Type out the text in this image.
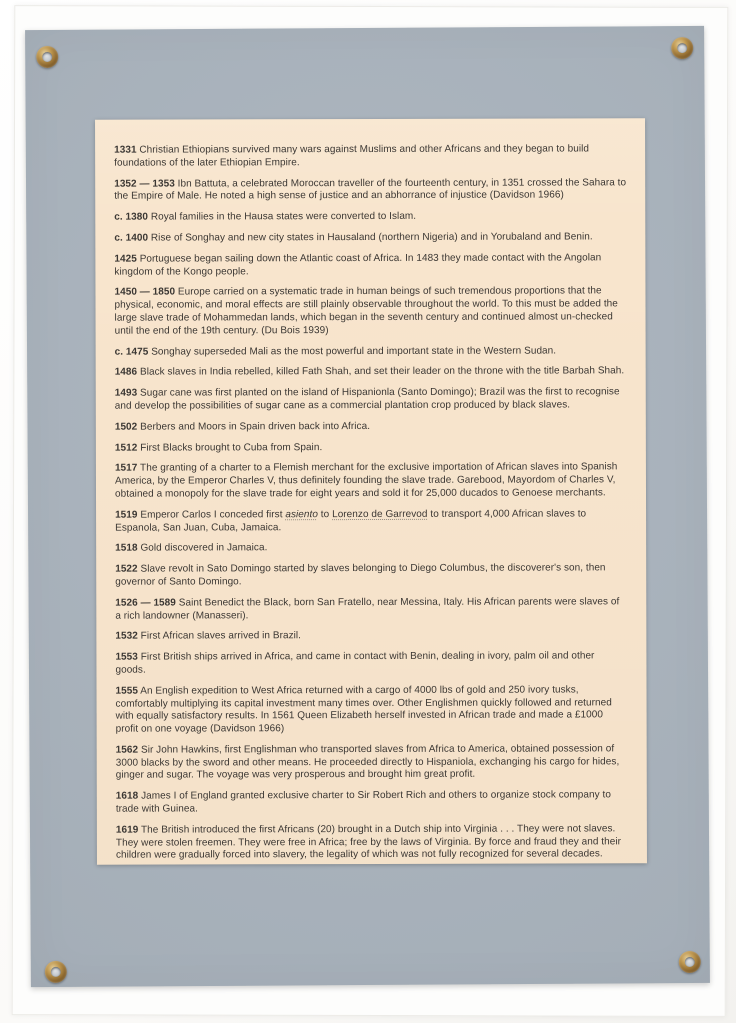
1331 Christian Ethiopians survived many wars against Muslims and other Africans and they began to build foundations of the later Ethiopian Empire.

1352 — 1353 Ibn Battuta, a celebrated Moroccan traveller of the fourteenth century, in 1351 crossed the Sahara to the Empire of Male. He noted a high sense of justice and an abhorrance of injustice (Davidson 1966)

c. 1380 Royal families in the Hausa states were converted to Islam.

c. 1400 Rise of Songhay and new city states in Hausaland (northern Nigeria) and in Yorubaland and Benin.

1425 Portuguese began sailing down the Atlantic coast of Africa. In 1483 they made contact with the Angolan kingdom of the Kongo people.

1450 — 1850 Europe carried on a systematic trade in human beings of such tremendous proportions that the physical, economic, and moral effects are still plainly observable throughout the world. To this must be added the large slave trade of Mohammedan lands, which began in the seventh century and continued almost un-checked until the end of the 19th century. (Du Bois 1939)

c. 1475 Songhay superseded Mali as the most powerful and important state in the Western Sudan.

1486 Black slaves in India rebelled, killed Fath Shah, and set their leader on the throne with the title Barbah Shah.

1493 Sugar cane was first planted on the island of Hispanionla (Santo Domingo); Brazil was the first to recognise and develop the possibilities of sugar cane as a commercial plantation crop produced by black slaves.

1502 Berbers and Moors in Spain driven back into Africa.

1512 First Blacks brought to Cuba from Spain.

1517 The granting of a charter to a Flemish merchant for the exclusive importation of African slaves into Spanish America, by the Emperor Charles V, thus definitely founding the slave trade. Garebood, Mayordom of Charles V, obtained a monopoly for the slave trade for eight years and sold it for 25,000 ducados to Genoese merchants.

1519 Emperor Carlos I conceded first asiento to Lorenzo de Garrevod to transport 4,000 African slaves to Espanola, San Juan, Cuba, Jamaica.

1518 Gold discovered in Jamaica.

1522 Slave revolt in Sato Domingo started by slaves belonging to Diego Columbus, the discoverer's son, then governor of Santo Domingo.

1526 — 1589 Saint Benedict the Black, born San Fratello, near Messina, Italy. His African parents were slaves of a rich landowner (Manasseri).

1532 First African slaves arrived in Brazil.

1553 First British ships arrived in Africa, and came in contact with Benin, dealing in ivory, palm oil and other goods.

1555 An English expedition to West Africa returned with a cargo of 4000 lbs of gold and 250 ivory tusks, comfortably multiplying its capital investment many times over. Other Englishmen quickly followed and returned with equally satisfactory results. In 1561 Queen Elizabeth herself invested in African trade and made a £1000 profit on one voyage (Davidson 1966)

1562 Sir John Hawkins, first Englishman who transported slaves from Africa to America, obtained possession of 3000 blacks by the sword and other means. He proceeded directly to Hispaniola, exchanging his cargo for hides, ginger and sugar. The voyage was very prosperous and brought him great profit.

1618 James I of England granted exclusive charter to Sir Robert Rich and others to organize stock company to trade with Guinea.

1619 The British introduced the first Africans (20) brought in a Dutch ship into Virginia . . . They were not slaves. They were stolen freemen. They were free in Africa; free by the laws of Virginia. By force and fraud they and their children were gradually forced into slavery, the legality of which was not fully recognized for several decades.
